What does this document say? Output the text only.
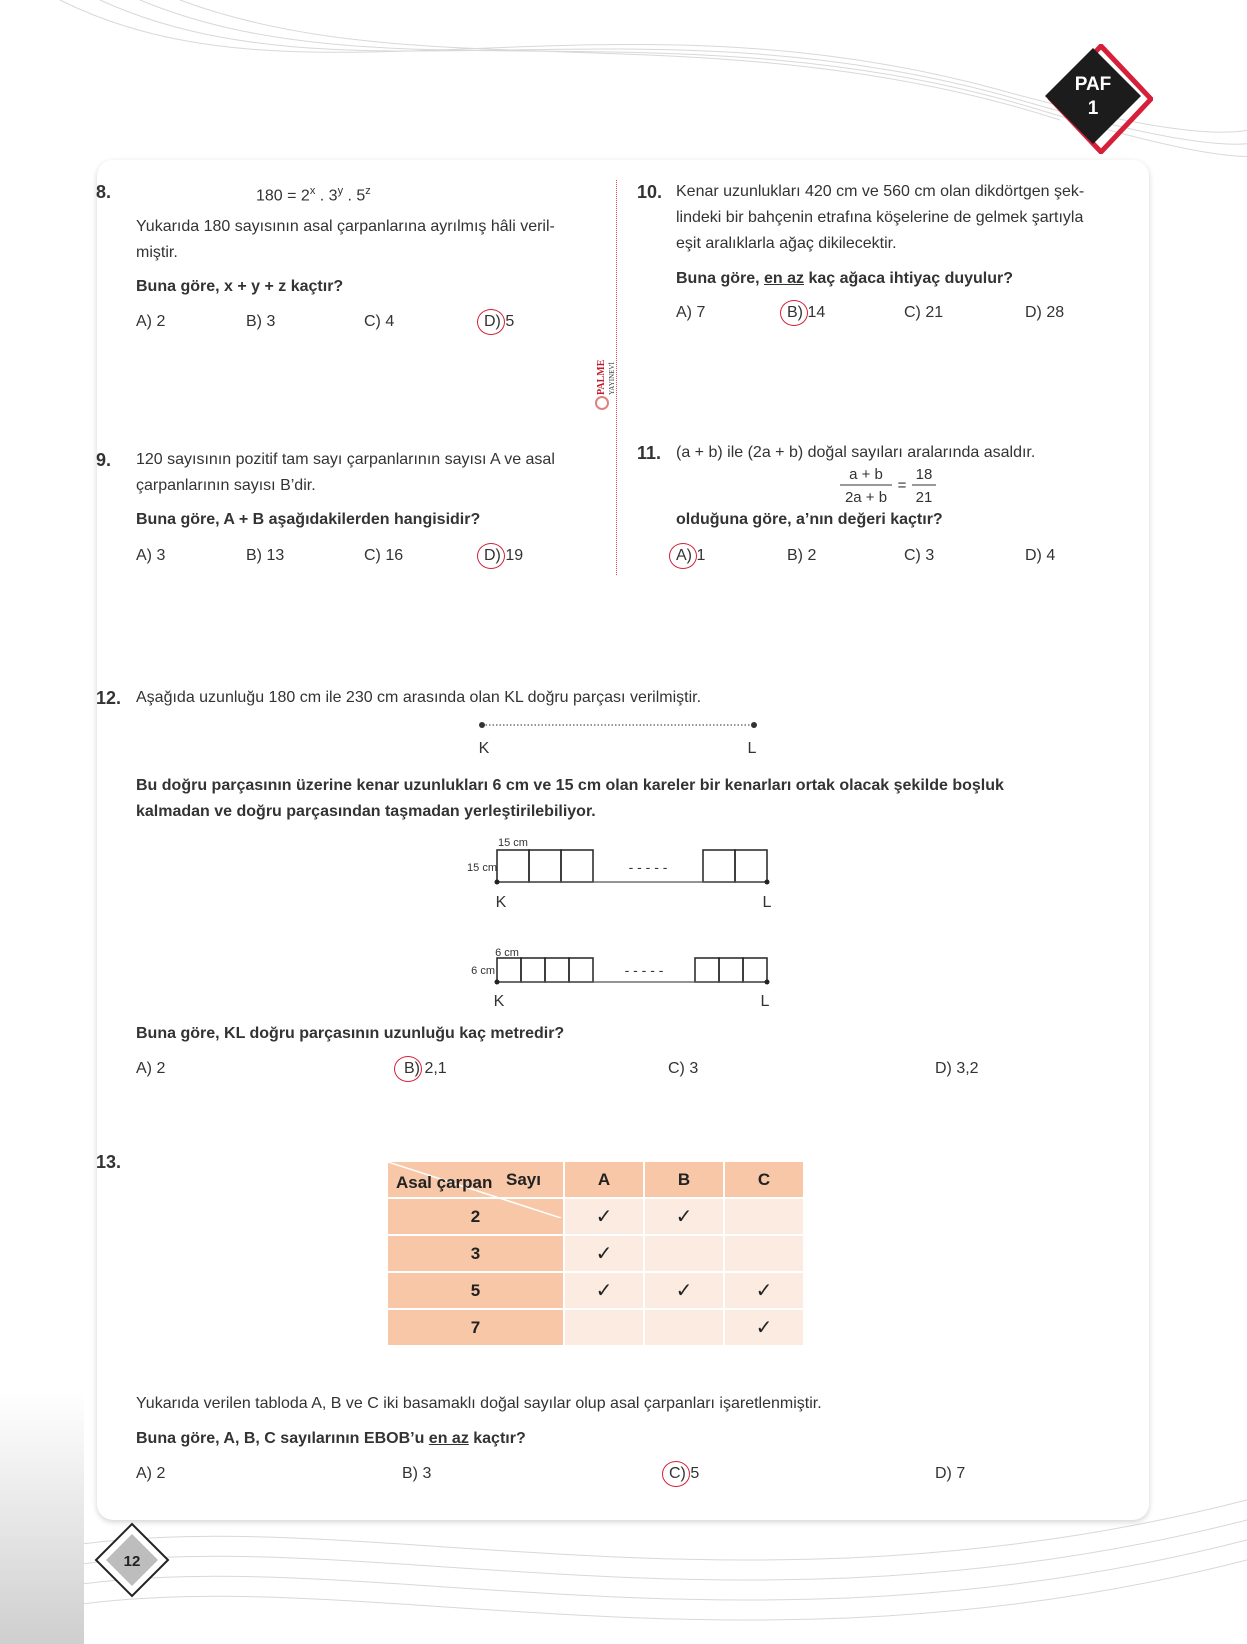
PAF
1
PALME YAYINEVİ
8.	$180 = 2^x$ . 3$^y$ . 5$^z$
Yukarıda 180 sayısının asal çarpanlarına ayrılmış hâli veril-
miştir.
Buna göre, x + y + z kaçtır?
A) 2	B) 3	C) 4	D) 5
9. 120 sayısının pozitif tam sayı çarpanlarının sayısı A ve asal
çarpanlarının sayısı B’dir.
Buna göre, A + B aşağıdakilerden hangisidir?
A) 3	B) 13	C) 16	D) 19
10. Kenar uzunlukları 420 cm ve 560 cm olan dikdörtgen şek-
lindeki bir bahçenin etrafına köşelerine de gelmek şartıyla
eşit aralıklarla ağaç dikilecektir.
Buna göre, en az kaç ağaca ihtiyaç duyulur?
A) 7	B) 14	C) 21	D) 28
11. (a + b) ile (2a + b) doğal sayıları aralarında asaldır.
a + b
2a + b
=
18
21
olduğuna göre, a’nın değeri kaçtır?
A) 1	B) 2	C) 3	D) 4
12. Aşağıda uzunluğu 180 cm ile 230 cm arasında olan KL doğru parçası verilmiştir.
K	L
Bu doğru parçasının üzerine kenar uzunlukları 6 cm ve 15 cm olan kareler bir kenarları ortak olacak şekilde boşluk
kalmadan ve doğru parçasından taşmadan yerleştirilebiliyor.
15 cm
15 cm	- - - - -
K	L
6 cm
6 cm	- - - - -
K	L
Buna göre, KL doğru parçasının uzunluğu kaç metredir?
A) 2	B) 2,1	C) 3	D) 3,2
13.
Sayı
Asal çarpan	A	B	C
2	✓	✓	
3	✓		
5	✓	✓	✓
7			✓
Yukarıda verilen tabloda A, B ve C iki basamaklı doğal sayılar olup asal çarpanları işaretlenmiştir.
Buna göre, A, B, C sayılarının EBOB’u en az kaçtır?
A) 2	B) 3	C) 5	D) 7
12
